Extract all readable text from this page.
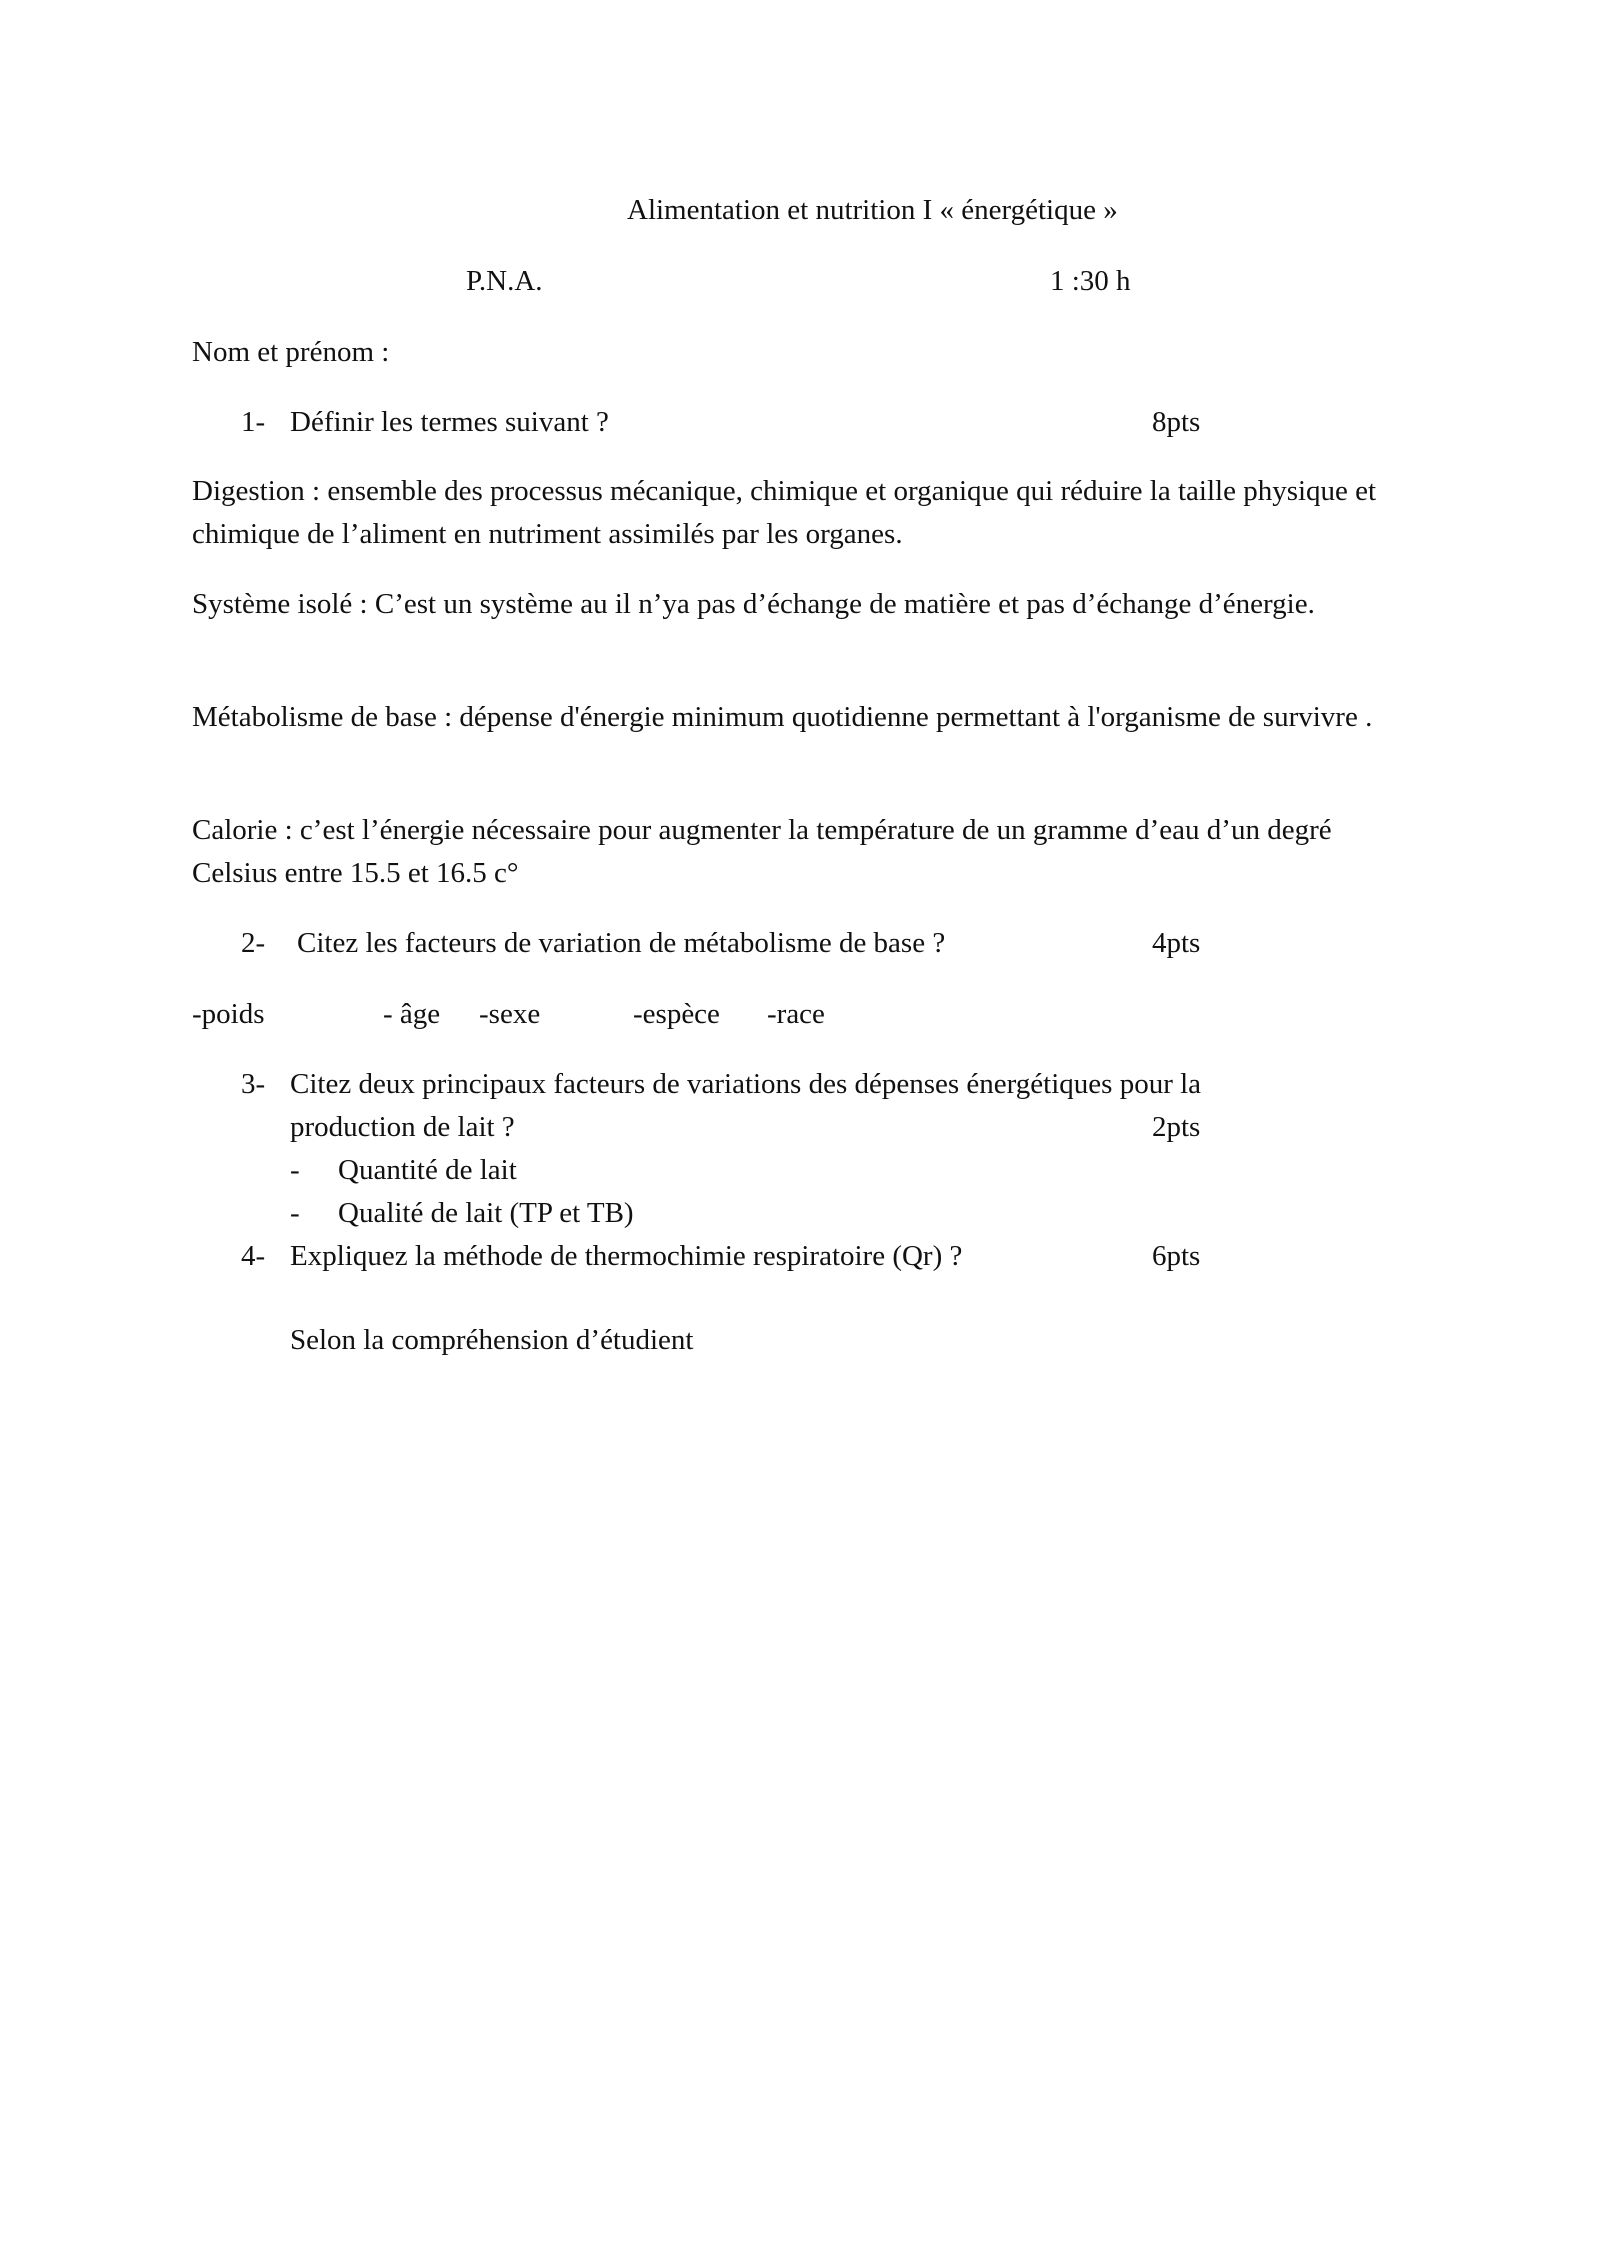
Alimentation et nutrition I « énergétique »
P.N.A.	1 :30 h
Nom et prénom :
1- Définir les termes suivant ?	8pts

Digestion : ensemble des processus mécanique, chimique et organique qui réduire la taille physique et chimique de l’aliment en nutriment assimilés par les organes.

Système isolé : C’est un système au il n’ya pas d’échange de matière et pas d’échange d’énergie.

Métabolisme de base : dépense d'énergie minimum quotidienne permettant à l'organisme de survivre .

Calorie : c’est l’énergie nécessaire pour augmenter la température de un gramme d’eau d’un degré Celsius entre 15.5 et 16.5 c°

2- Citez les facteurs de variation de métabolisme de base ?	4pts
-poids	- âge -sexe	-espèce -race
3- Citez deux principaux facteurs de variations des dépenses énergétiques pour la
production de lait ?	2pts
- Quantité de lait
- Qualité de lait (TP et TB)
4- Expliquez la méthode de thermochimie respiratoire (Qr) ?	6pts
Selon la compréhension d’étudient
